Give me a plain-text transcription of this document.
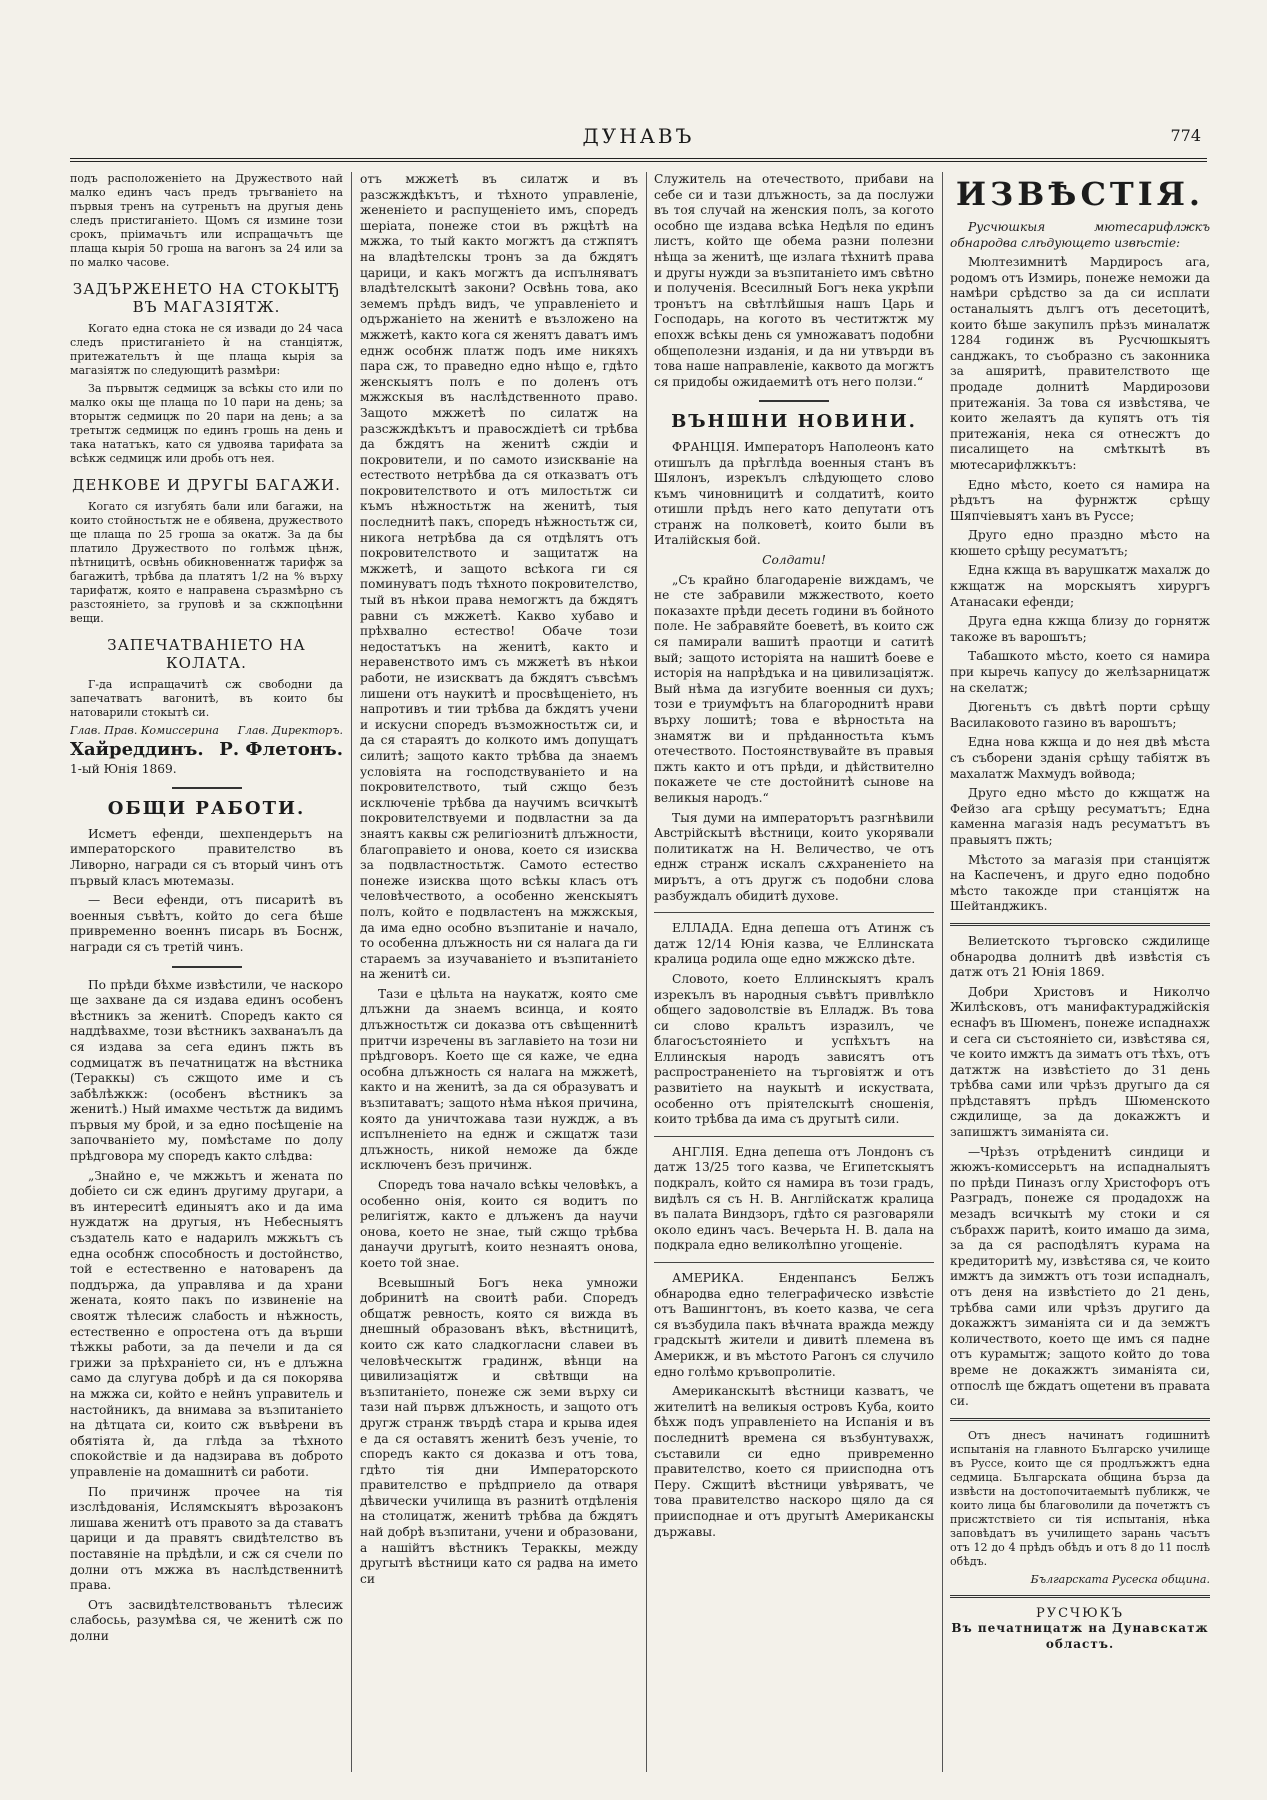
ДУНАВЪ	774

подъ расположеніето на Дружеството най малко единъ часъ предъ тръгваніето на първыя тренъ на сутреньтъ на другыя день следъ пристиганіето. Щомъ ся измине този срокъ, пріимачьтъ или испращачьтъ ще плаща кырія 50 гроша на вагонъ за 24 или за по малко часове.

ЗАДЪРЖЕНЕТО НА СТОКЫТЂ ВЪ МАГАЗІЯТЖ.

Когато една стока не ся извади до 24 часа следъ пристиганіето ѝ на станціятж, притежательтъ ѝ ще плаща кырія за магазіятж по следующитѣ размѣри:

За първытж седмицж за всѣкы сто или по малко окы ще плаща по 10 пари на день; за вторытж седмицж по 20 пари на день; а за третытж седмицж по единъ грошь на день и така нататъкъ, като ся удвоява тарифата за всѣкж седмицж или дробь отъ нея.

ДЕНКОВЕ И ДРУГЫ БАГАЖИ.

Когато ся изгубять бали или багажи, на които стойностьтж не е обявена, дружеството ще плаща по 25 гроша за окатж. За да бы платило Дружеството по голѣмж цѣнж, пѣтницитѣ, освѣнь обикновеннатж тарифж за багажитѣ, трѣбва да платятъ 1/2 на % върху тарифатж, която е направена съразмѣрно съ разстояніето, за груповѣ и за скжпоцѣнни вещи.

ЗАПЕЧАТВАНІЕТО НА КОЛАТА.

Г-да испращачитѣ сж свободни да запечатватъ вагонитѣ, въ които бы натоварили стокытѣ си.

Глав. Прав. Комиссерина Глав. Директоръ.
Хайреддинъ. Р. Флетонъ.

1-ый Юнія 1869.

ОБЩИ РАБОТИ.

Исметъ ефенди, шехпендерьтъ на императорского правителство въ Ливорно, награди ся съ вторый чинъ отъ първый класъ мютемазы.

— Веси ефенди, отъ писаритѣ въ военныя съвѣтъ, който до сега бѣше привременно военнъ писарь въ Боснж, награди ся съ третій чинъ.

По прѣди бѣхме извѣстили, че наскоро ще захване да ся издава единъ особенъ вѣстникъ за женитѣ. Споредъ както ся наддѣвахме, този вѣстникъ захванаълъ да ся издава за сега единъ пжть въ содмицатж въ печатницатж на вѣстника (Тераккы) съ сжщото име и съ забѣлѣжкж: (особенъ вѣстникъ за женитѣ.) Ный имахме честьтж да видимъ първыя му брой, и за едно посѣщеніе на започваніето му, помѣстаме по долу прѣдговора му споредъ както слѣдва:

„Знайно е, че мжжьтъ и женатa по добіето си сж единъ другиму другари, а въ интереситѣ единыятъ ако и да има нуждатж на другыя, нъ Небесныятъ създатель като е надарилъ мжжьтъ съ една особнж способность и достойнство, той е естественно е натоваренъ да поддържа, да управлява и да храни женатa, която пакъ по извиненіе на своятж тѣлесиж слабость и нѣжность, естественно е опростена отъ да върши тѣжкы работи, за да печели и да ся грижи за прѣхраніето си, нъ е длъжна само да слугува добрѣ и да ся покорява на мжжа си, който е нейнъ управитель и настойникъ, да внимава за възпитаніето на дѣтцата си, които сж въвѣрени въ обятіята ѝ, да глѣда за тѣхното спокойствіе и да надзирава въ доброто управленіе на домашнитѣ си работи.

По причинж прочее на тія изслѣдованія, Ислямскыятъ вѣрозаконъ лишава женитѣ отъ правото за да ставатъ царици и да правятъ свидѣтелство въ поставяніе на прѣдѣли, и сж ся счели по долни отъ мжжа въ наслѣдственнитѣ права.

Отъ засвидѣтелствованьтъ тѣлесиж слабосьь, разумѣва ся, че женитѣ сж по долни

отъ мжжетѣ въ силатж и въ разсжждѣкътъ, и тѣхното управленіе, жененіето и распущеніето имъ, споредъ шерiата, понеже стои въ ржцѣтѣ на мжжа, то тый както могжтъ да стжпятъ на владѣтелскы тронъ за да бждятъ царици, и какъ могжтъ да испълняватъ владѣтелскытѣ закони? Освѣнь това, ако земемъ прѣдъ видъ, че управленіето и одържаніето на женитѣ е възложено на мжжетѣ, както кога ся женятъ даватъ имъ еднж особнж платж подъ име никяхъ пара сж, то праведно едно нѣщо е, гдѣто женскыятъ полъ е по доленъ отъ мжжскыя въ наслѣдственното право. Защото мжжетѣ по силатж на разсжждѣкътъ и правосждіетѣ си трѣбва да бждятъ на женитѣ сждіи и покровители, и по самото изискваніе на естеството нетрѣбва да ся отказватъ отъ покровителството и отъ милостьтж си къмъ нѣжностьтж на женитѣ, тыя последнитѣ пакъ, споредъ нѣжностьтж си, никога нетрѣбва да ся отдѣлятъ отъ покровителството и защитатж на мжжетѣ, и защото всѣкога ги ся поминуватъ подъ тѣхното покровителство, тый въ нѣкои права немогжтъ да бждятъ равни съ мжжетѣ. Какво хубаво и прѣхвално естество! Обаче този недостатъкъ на женитѣ, както и неравенството имъ съ мжжетѣ въ нѣкои работи, не изискватъ да бждятъ съвсѣмъ лишени отъ наукитѣ и просвѣщеніето, нъ напротивъ и тии трѣбва да бждятъ учени и искусни споредъ възможностьтж си, и да ся стараятъ до колкото имъ допущатъ силитѣ; защото както трѣбва да знаемъ условіята на господствуваніето и на покровителството, тый сжщо безъ исключеніе трѣбва да научимъ всичкытѣ покровителствуеми и подвластни за да знаятъ каквы сж религіознитѣ длъжности, благоправіето и онова, което ся изисква за подвластностьтж. Самото естество понеже изисква щото всѣкы класъ отъ человѣчеството, а особенно женскыятъ полъ, който е подвластенъ на мжжскыя, да има едно особно възпитаніе и начало, то особенна длъжность ни ся налага да ги стараемъ за изучаваніето и възпитаніето на женитѣ си.

Тази е цѣльта на наукатж, която сме длъжни да знаемъ всинца, и която длъжностьтж си доказва отъ свѣщеннитѣ притчи изречены въ заглавіето на този ни прѣдговоръ. Което ще ся каже, че една особна длъжность ся налага на мжжетѣ, както и на женитѣ, за да ся образуватъ и възпитаватъ; защото нѣма нѣкоя причина, която да уничтожава тази нуждж, а въ испълненіето на еднж и сжщатж тази длъжность, никой неможе да бжде исключенъ безъ причинж.

Споредъ това начало всѣкы человѣкъ, а особенно онія, които ся водитъ по религіятж, както е длъженъ да научи онова, което не знае, тый сжщо трѣбва данаучи другытѣ, които незнаятъ онова, което той знае.

Всевышный Богъ нека умножи добринитѣ на своитѣ раби. Споредъ общатж ревность, която ся вижда въ днешный образованъ вѣкъ, вѣстницитѣ, които сж като сладкогласни славеи въ человѣческытж градинж, вѣнци на цивилизаціятж и свѣтвщи на възпитаніето, понеже сж земи върху си тази най първж длъжность, и защото отъ другж странж твърдѣ стара и крыва идея е да ся оставятъ женитѣ безъ ученіе, то споредъ както ся доказва и отъ това, гдѣто тія дни Императорското правителство е прѣдприело да отваря дѣвически училища въ разнитѣ отдѣленія на столицатж, женитѣ трѣбва да бждятъ най добрѣ възпитани, учени и образовани, а нашійтъ вѣстникъ Тераккы, между другытѣ вѣстници като ся радва на името си

Служитель на отечеството, прибави на себе си и тази длъжность, за да послужи въ тоя случай на женския полъ, за когото особно ще издава всѣка Недѣля по единъ листъ, който ще обема разни полезни нѣща за женитѣ, ще излага тѣхнитѣ права и другы нужди за възпитаніето имъ свѣтно и полученія. Всесилный Богъ нека укрѣпи тронътъ на свѣтлѣйшыя нашъ Царь и Господарь, на когото въ честитжтж му епохж всѣкы день ся умножаватъ подобни общеполезни изданія, и да ни утвърди въ това наше направленіе, каквото да могжтъ ся придобы ожидаемитѣ отъ него ползи.“

ВЪНШНИ НОВИНИ.

ФРАНЦІЯ. Императоръ Наполеонъ като отишълъ да прѣглѣда военныя станъ въ Шялонъ, изрекълъ слѣдующето слово къмъ чиновницитѣ и солдатитѣ, които отишли прѣдъ него като депутати отъ странж на полковетѣ, които были въ Италійскыя бой.

Солдати!

„Съ крайно благодареніе виждамъ, че не сте забравили мжжеството, което показахте прѣди десеть години въ бойното поле. Не забравяйте боеветѣ, въ които сж ся памирали вашитѣ праотци и сатитѣ вый; защото исторіята на нашитѣ боеве е исторія на напрѣдъка и на цивилизаціятж. Вый нѣма да изгубите военныя си духъ; този е триумфътъ на благороднитѣ нрави върху лошитѣ; това е вѣрностьта на знамятж ви и прѣданностьта къмъ отечеството. Постоянствувайте въ правыя пжть както и отъ прѣди, и дѣйствително покажете че сте достойнитѣ сынове на великыя народъ.“

Тыя думи на императорътъ разгнѣвили Австрійскытѣ вѣстници, които укорявали политикатж на Н. Величество, че отъ еднж странж искалъ сѫхраненіето на мирътъ, а отъ другж съ подобни слова разбуждалъ обидитѣ духове.

ЕЛЛАДА. Една депеша отъ Атинж съ датж 12/14 Юнія казва, че Еллинската кралица родила още едно мжжско дѣте.

Словото, което Еллинскыятъ кралъ изрекълъ въ народныя съвѣтъ привлѣкло общего задоволствіе въ Елладж. Въ това си слово кральтъ изразилъ, че благосъстояніето и успѣхътъ на Еллинскыя народъ зависятъ отъ распространеніето на търговіятж и отъ развитіето на наукытѣ и искуствата, особенно отъ прiятелскытѣ сношенія, които трѣбва да има съ другытѣ сили.

АНГЛІЯ. Една депеша отъ Лондонъ съ датж 13/25 того казва, че Египетскыятъ подкралъ, който ся намира въ този градъ, видѣлъ ся съ Н. В. Англійскатж кралица въ палата Виндзоръ, гдѣто ся разговаряли около единъ часъ. Вечерьта Н. В. дала на подкрала едно великолѣпно угощеніе.

АМЕРИКА. Енденпансъ Белжъ обнародва едно телеграфическо извѣстіе отъ Вашингтонъ, въ което казва, че сега ся възбудила пакъ вѣчната вражда между градскытѣ жители и дивитѣ племена въ Америкж, и въ мѣстото Рагонъ ся случило едно голѣмо кръвопролитіе.

Американскытѣ вѣстници казватъ, че жителитѣ на великыя островъ Куба, които бѣхж подъ управленіето на Испанія и въ последнитѣ времена ся възбунтувахж, съставили си едно привременно правителство, което ся приисподна отъ Перу. Сжщитѣ вѣстници увѣряватъ, че това правителство наскоро щяло да ся приисподнае и отъ другытѣ Американскы държавы.

ИЗВѢСТІЯ.

Русчюшкыя мютесарифлжкъ обнародва слѣдующето извѣстіе:

Мюлтезимнитѣ Мардиросъ ага, родомъ отъ Измирь, понеже неможи да намѣри срѣдство за да си исплати останалыятъ дългъ отъ десетоцитѣ, които бѣше закупилъ прѣзъ миналатж 1284 годинж въ Русчюшкыятъ санджакъ, то съобразно съ законника за ашяритѣ, правителството ще продаде долнитѣ Мардирозови притежанія. За това ся извѣстява, че които желаятъ да купятъ отъ тія притежанія, нека ся отнесжтъ до писалището на смѣткытѣ въ мютесарифлжкътъ:

Едно мѣсто, което ся намира на рѣдътъ на фурнжтж срѣщу Шяпчіевыятъ ханъ въ Руссе;

Друго едно праздно мѣсто на кюшето срѣщу ресуматътъ;

Една кжща въ варушкатж махалж до кжщатж на морскыятъ хирургъ Атанасаки ефенди;

Друга една кжща близу до горнятж такоже въ варошътъ;

Табашкото мѣсто, което ся намира при кыречь капусу до желѣзарницатж на скелатж;

Дюгеньтъ съ двѣтѣ порти срѣщу Василаковото газино въ варошътъ;

Една нова кжща и до нея двѣ мѣста съ съборени зданія срѣщу табіятж въ махалатж Махмудъ войвода;

Друго едно мѣсто до кжщатж на Фейзо ага срѣщу ресуматътъ; Една каменна магазія надъ ресуматътъ въ правыятъ пжть;

Мѣстото за магазія при станціятж на Каспеченъ, и друго едно подобно мѣсто такожде при станціятж на Шейтанджикъ.

Велиетското търговско сждилище обнародва долнитѣ двѣ извѣстія съ датж отъ 21 Юнія 1869.

Добри Христовъ и Николчо Жилѣсковъ, отъ манифактураджійскія еснафъ въ Шюменъ, понеже испаднахж и сега си състояніето си, извѣстява ся, че които имжтъ да зиматъ отъ тѣхъ, отъ датжтж на извѣстіето до 31 день трѣбва сами или чрѣзъ другыго да ся прѣдставятъ прѣдъ Шюменското сждилище, за да докажжтъ и запишжтъ зиманіята си.

—Чрѣзъ отрѣденитѣ синдици и жюжъ-комиссерьтъ на испадналыятъ по прѣди Пиназъ оглу Христофоръ отъ Разградъ, понеже ся продадохж на мезадъ всичкытѣ му стоки и ся събрахж паритѣ, които имашо да зима, за да ся расподѣлятъ курама на кредиторитѣ му, извѣстява ся, че които имжтъ да зимжтъ отъ този испадналъ, отъ деня на извѣстіето до 21 день, трѣбва сами или чрѣзъ другиго да докажжтъ зиманіята си и да земжтъ количеството, което ще имъ ся падне отъ курамытж; защото който до това време не докажжтъ зиманіята си, отпослѣ ще бждатъ ощетени въ правата си.

Отъ днесъ начинатъ годишнитѣ испытанія на главното Българско училище въ Руссе, които ще ся продлъжжтъ една седмица. Българската община бърза да извѣсти на достопочитаемытѣ публикж, че които лица бы благоволили да почетжтъ съ присжтствіето си тія испытанія, нѣка заповѣдатъ въ училището зарань часътъ отъ 12 до 4 прѣдъ обѣдъ и отъ 8 до 11 послѣ обѣдъ.

Българската Русеска община.

РУСЧЮКЪ
Въ печатницатж на Дунавскатж областъ.
